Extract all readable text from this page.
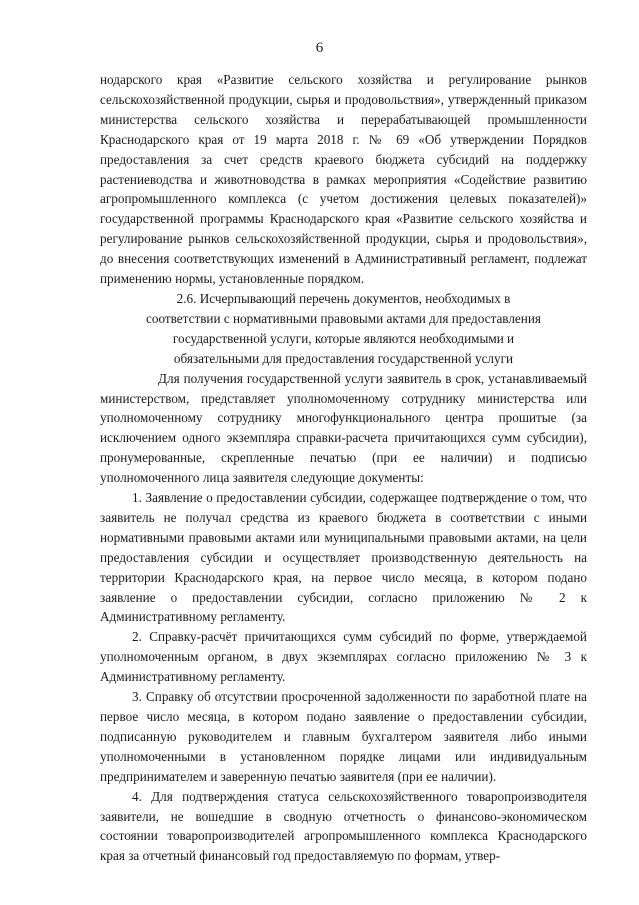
6

нодарского края «Развитие сельского хозяйства и регулирование рынков сельскохозяйственной продукции, сырья и продовольствия», утвержденный приказом министерства сельского хозяйства и перерабатывающей промышленности Краснодарского края от 19 марта 2018 г. № 69 «Об утверждении Порядков предоставления за счет средств краевого бюджета субсидий на поддержку растениеводства и животноводства в рамках мероприятия «Содействие развитию агропромышленного комплекса (с учетом достижения целевых показателей)» государственной программы Краснодарского края «Развитие сельского хозяйства и регулирование рынков сельскохозяйственной продукции, сырья и продовольствия», до внесения соответствующих изменений в Административный регламент, подлежат применению нормы, установленные порядком.

2.6. Исчерпывающий перечень документов, необходимых в соответствии с нормативными правовыми актами для предоставления государственной услуги, которые являются необходимыми и обязательными для предоставления государственной услуги

Для получения государственной услуги заявитель в срок, устанавливаемый министерством, представляет уполномоченному сотруднику министерства или уполномоченному сотруднику многофункционального центра прошитые (за исключением одного экземпляра справки-расчета причитающихся сумм субсидии), пронумерованные, скрепленные печатью (при ее наличии) и подписью уполномоченного лица заявителя следующие документы:

1. Заявление о предоставлении субсидии, содержащее подтверждение о том, что заявитель не получал средства из краевого бюджета в соответствии с иными нормативными правовыми актами или муниципальными правовыми актами, на цели предоставления субсидии и осуществляет производственную деятельность на территории Краснодарского края, на первое число месяца, в котором подано заявление о предоставлении субсидии, согласно приложению № 2 к Административному регламенту.

2. Справку-расчёт причитающихся сумм субсидий по форме, утверждаемой уполномоченным органом, в двух экземплярах согласно приложению № 3 к Административному регламенту.

3. Справку об отсутствии просроченной задолженности по заработной плате на первое число месяца, в котором подано заявление о предоставлении субсидии, подписанную руководителем и главным бухгалтером заявителя либо иными уполномоченными в установленном порядке лицами или индивидуальным предпринимателем и заверенную печатью заявителя (при ее наличии).

4. Для подтверждения статуса сельскохозяйственного товаропроизводителя заявители, не вошедшие в сводную отчетность о финансово-экономическом состоянии товаропроизводителей агропромышленного комплекса Краснодарского края за отчетный финансовый год предоставляемую по формам, утвер-
